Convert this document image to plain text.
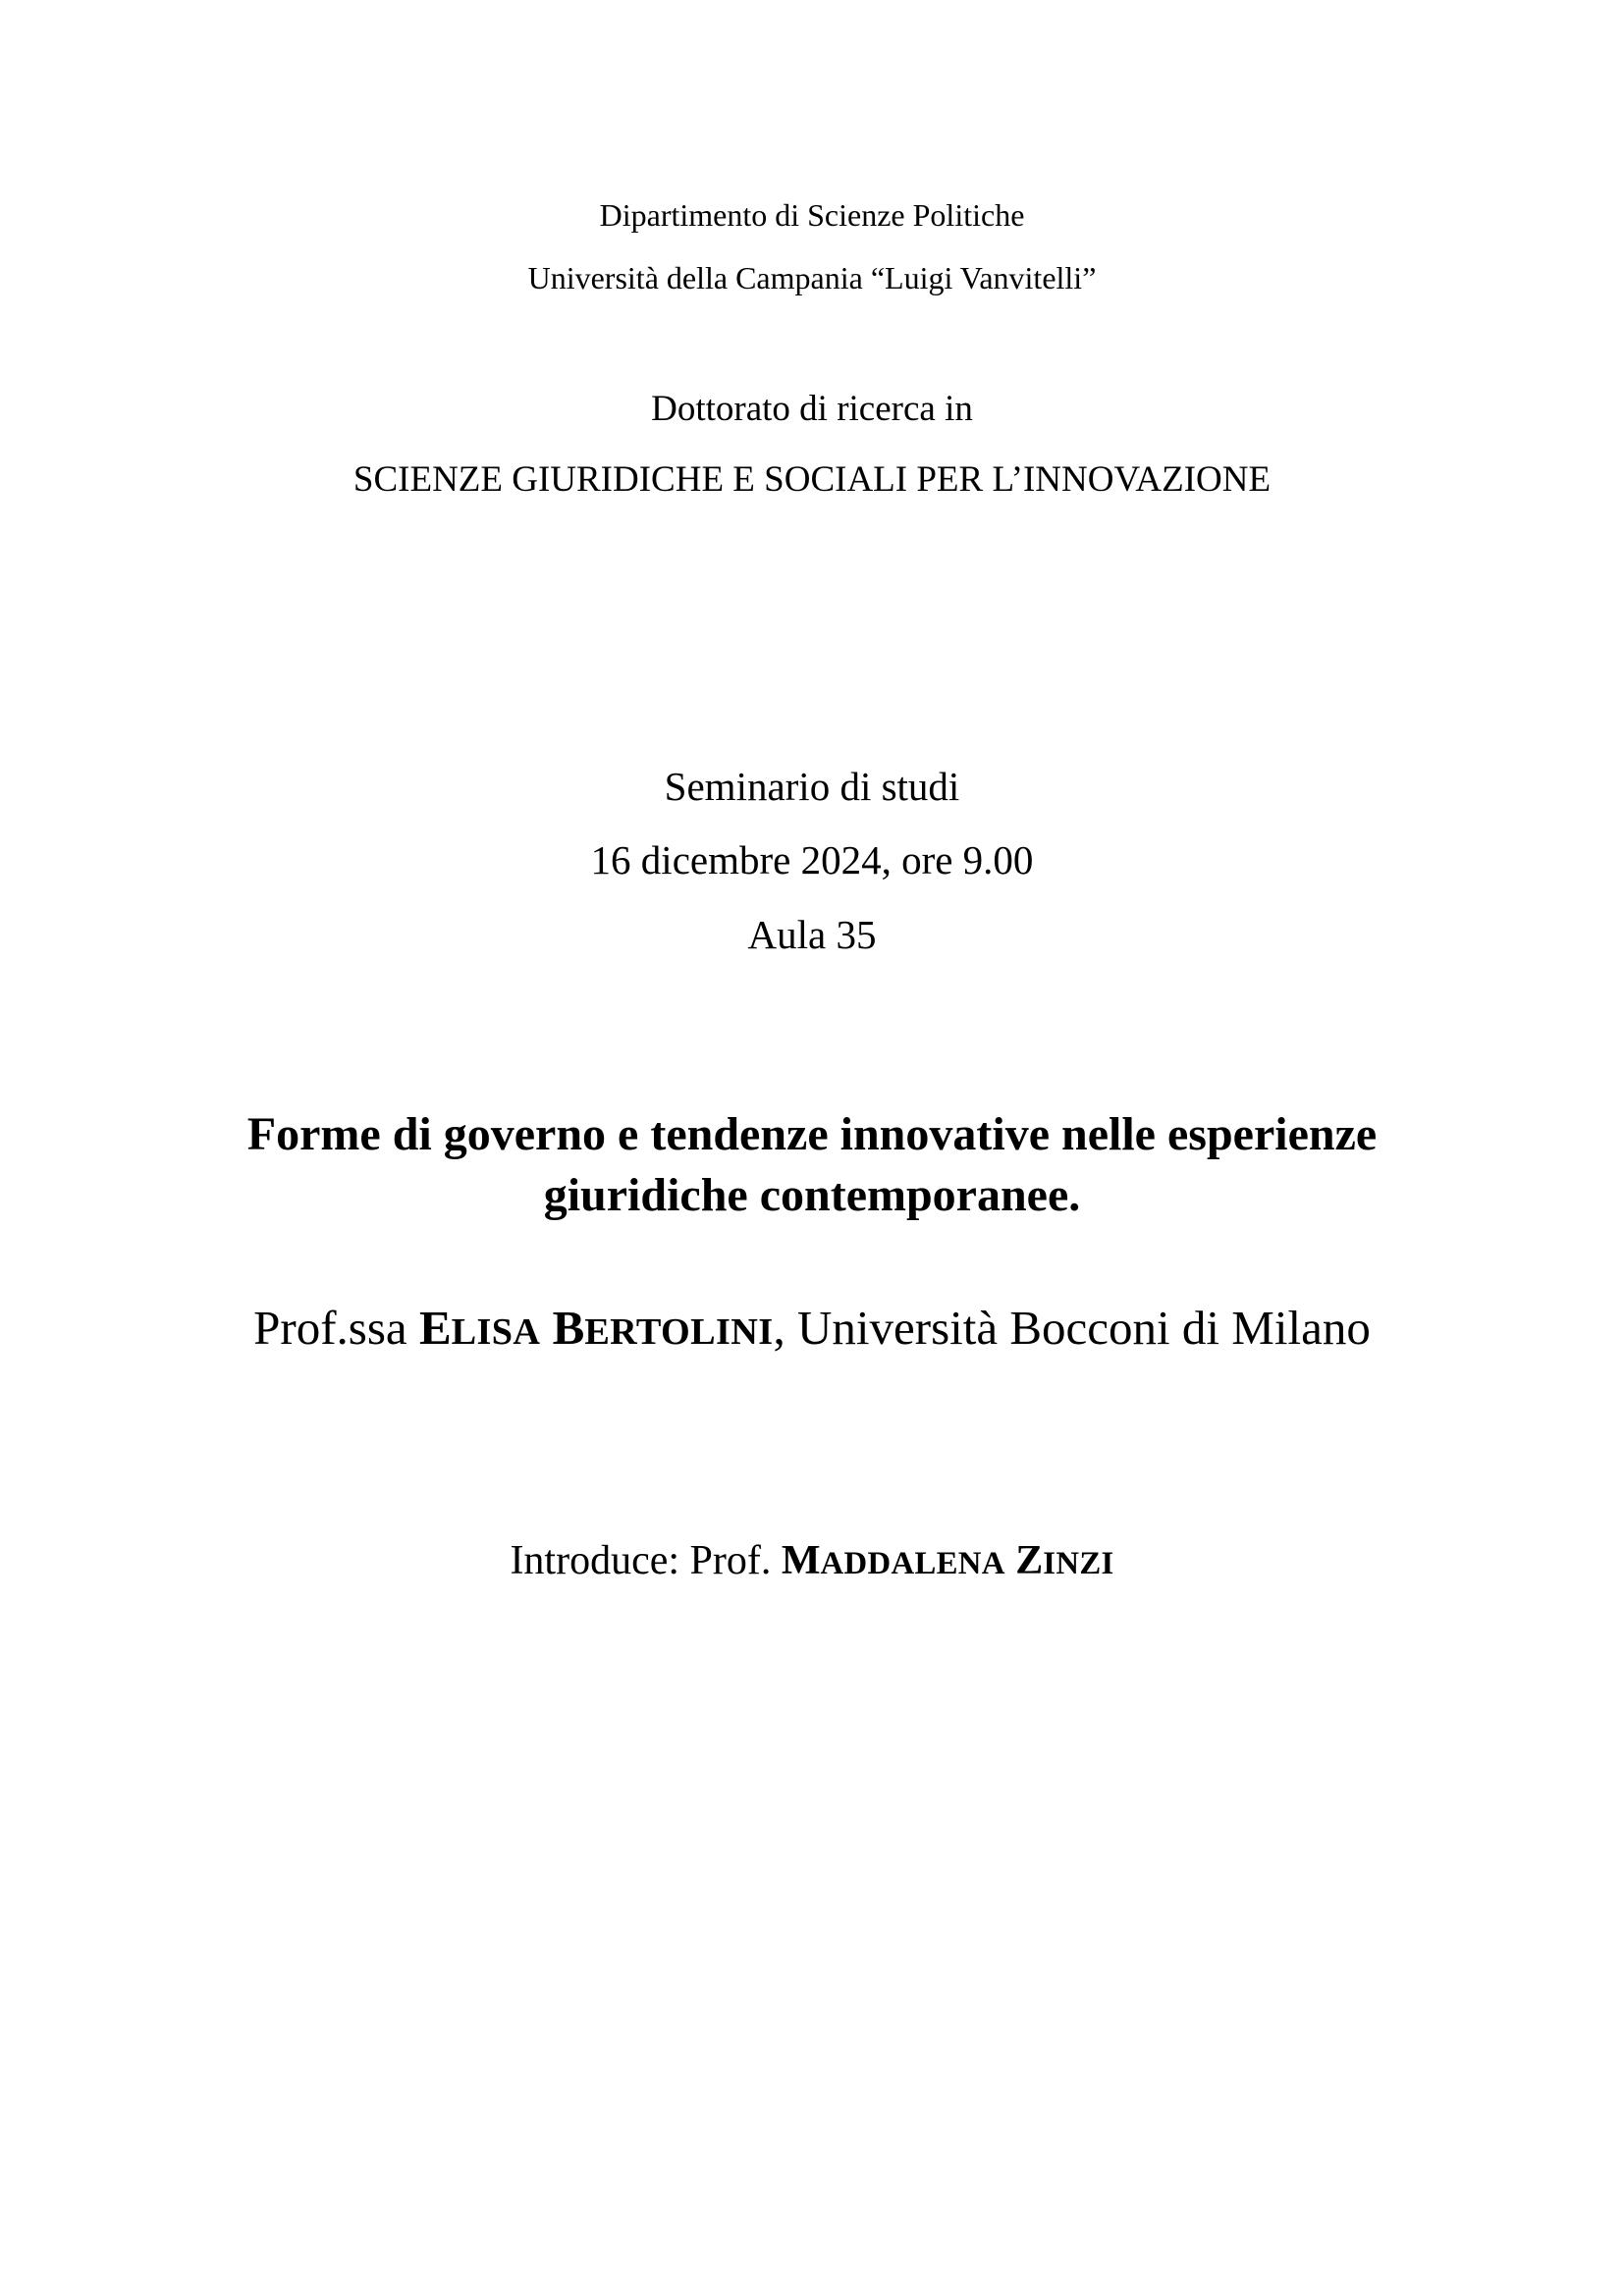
Dipartimento di Scienze Politiche
Università della Campania “Luigi Vanvitelli”
Dottorato di ricerca in
SCIENZE GIURIDICHE E SOCIALI PER L’INNOVAZIONE
Seminario di studi
16 dicembre 2024, ore 9.00
Aula 35
Forme di governo e tendenze innovative nelle esperienze
giuridiche contemporanee.
Prof.ssa ELISA BERTOLINI, Università Bocconi di Milano
Introduce: Prof. MADDALENA ZINZI
